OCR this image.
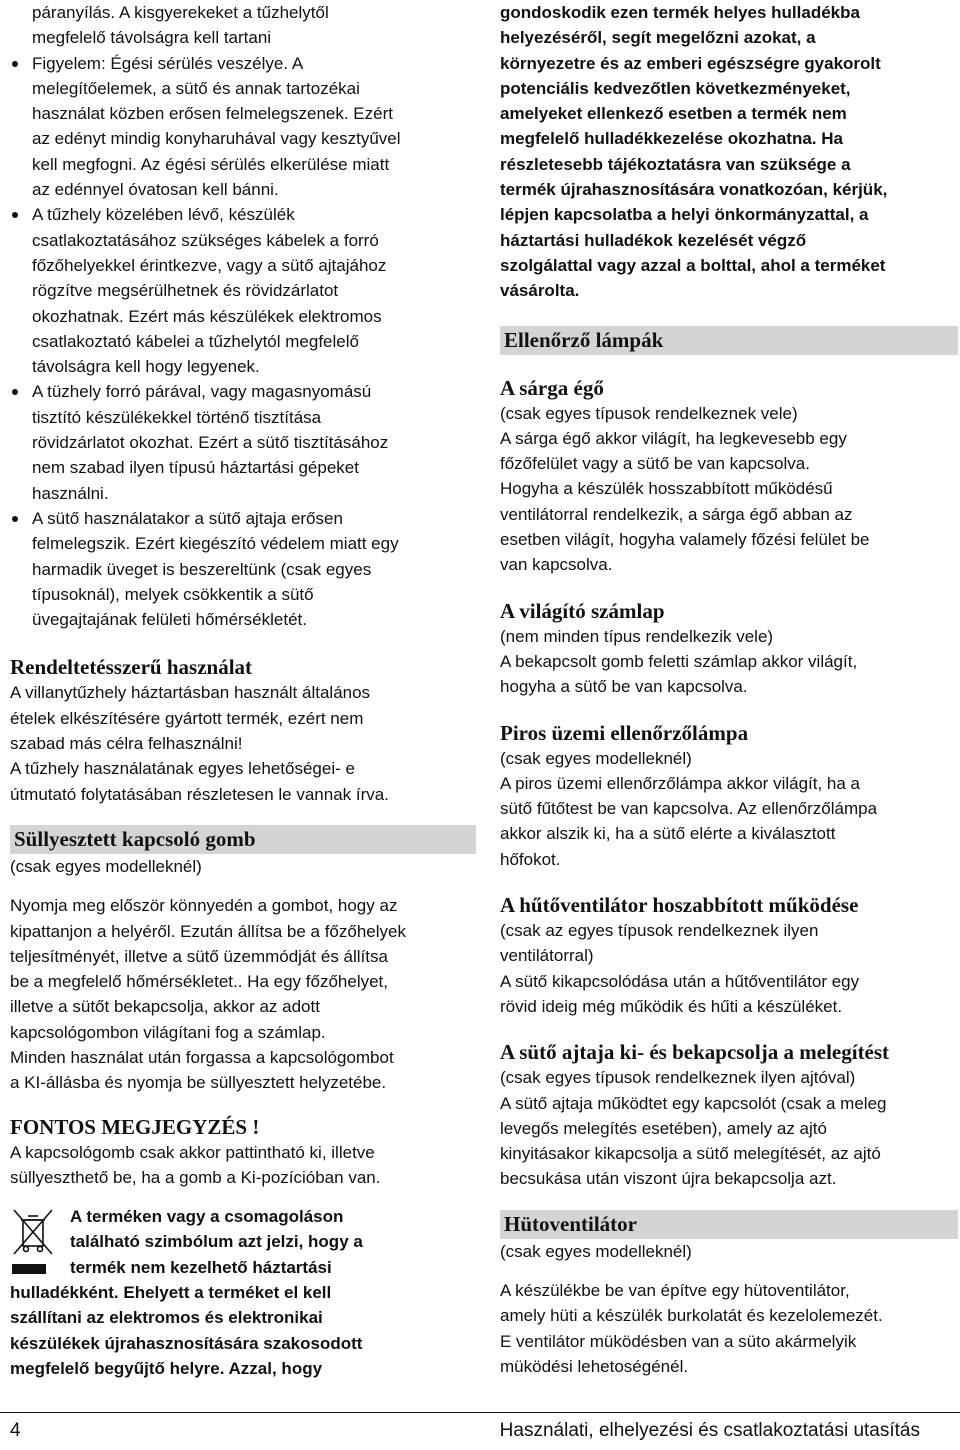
páranyílás. A kisgyerekeket a tűzhelytől

megfelelő távolságra kell tartani

Figyelem: Égési sérülés veszélye. A

melegítőelemek, a sütő és annak tartozékai

használat közben erősen felmelegszenek. Ezért

az edényt mindig konyharuhával vagy kesztyűvel

kell megfogni. Az égési sérülés elkerülése miatt

az edénnyel óvatosan kell bánni.

A tűzhely közelében lévő, készülék

csatlakoztatásához szükséges kábelek a forró

főzőhelyekkel érintkezve, vagy a sütő ajtajához

rögzítve megsérülhetnek és rövidzárlatot

okozhatnak. Ezért más készülékek elektromos

csatlakoztató kábelei a tűzhelytól megfelelő

távolságra kell hogy legyenek.

A tüzhely forró párával, vagy magasnyomású

tisztító készülékekkel történő tisztítása

rövidzárlatot okozhat. Ezért a sütő tisztításához

nem szabad ilyen típusú háztartási gépeket

használni.

A sütő használatakor a sütő ajtaja erősen

felmelegszik. Ezért kiegészító védelem miatt egy

harmadik üveget is beszereltünk (csak egyes

típusoknál), melyek csökkentik a sütő

üvegajtajának felületi hőmérsékletét.

Rendeltetésszerű használat

A villanytűzhely háztartásban használt általános

ételek elkészítésére gyártott termék, ezért nem

szabad más célra felhasználni!

A tűzhely használatának egyes lehetőségei- e

útmutató folytatásában részletesen le vannak írva.

Süllyesztett kapcsoló gomb

(csak egyes modelleknél)

Nyomja meg először könnyedén a gombot, hogy az

kipattanjon a helyéről. Ezután állítsa be a főzőhelyek

teljesítményét, illetve a sütő üzemmódját és állítsa

be a megfelelő hőmérsékletet.. Ha egy főzőhelyet,

illetve a sütőt bekapcsolja, akkor az adott

kapcsológombon világítani fog a számlap.

Minden használat után forgassa a kapcsológombot

a KI-állásba és nyomja be süllyesztett helyzetébe.

FONTOS MEGJEGYZÉS !

A kapcsológomb csak akkor pattintható ki, illetve

süllyeszthető be, ha a gomb a Ki-pozícióban van.

A terméken vagy a csomagoláson

található szimbólum azt jelzi, hogy a

termék nem kezelhető háztartási

hulladékként. Ehelyett a terméket el kell

szállítani az elektromos és elektronikai

készülékek újrahasznosítására szakosodott

megfelelő begyűjtő helyre. Azzal, hogy

gondoskodik ezen termék helyes hulladékba

helyezéséről, segít megelőzni azokat, a

környezetre és az emberi egészségre gyakorolt

potenciális kedvezőtlen következményeket,

amelyeket ellenkező esetben a termék nem

megfelelő hulladékkezelése okozhatna. Ha

részletesebb tájékoztatásra van szüksége a

termék újrahasznosítására vonatkozóan, kérjük,

lépjen kapcsolatba a helyi önkormányzattal, a

háztartási hulladékok kezelését végző

szolgálattal vagy azzal a bolttal, ahol a terméket

vásárolta.

Ellenőrző lámpák
A sárga égő

(csak egyes típusok rendelkeznek vele)

A sárga égő akkor világít, ha legkevesebb egy

főzőfelület vagy a sütő be van kapcsolva.

Hogyha a készülék hosszabbított működésű

ventilátorral rendelkezik, a sárga égő abban az

esetben világít, hogyha valamely főzési felület be

van kapcsolva.

A világító számlap

(nem minden típus rendelkezik vele)

A bekapcsolt gomb feletti számlap akkor világít,

hogyha a sütő be van kapcsolva.

Piros üzemi ellenőrzőlámpa

(csak egyes modelleknél)

A piros üzemi ellenőrzőlámpa akkor világít, ha a

sütő fűtőtest be van kapcsolva. Az ellenőrzőlámpa

akkor alszik ki, ha a sütő elérte a kiválasztott

hőfokot.

A hűtőventilátor hoszabbított működése

(csak az egyes típusok rendelkeznek ilyen

ventilátorral)

A sütő kikapcsolódása után a hűtőventilátor egy

rövid ideig még működik és hűti a készüléket.

A sütő ajtaja ki- és bekapcsolja a melegítést

(csak egyes típusok rendelkeznek ilyen ajtóval)

A sütő ajtaja működtet egy kapcsolót (csak a meleg

levegős melegítés esetében), amely az ajtó

kinyitásakor kikapcsolja a sütő melegítését, az ajtó

becsukása után viszont újra bekapcsolja azt.

Hütoventilátor

(csak egyes modelleknél)

A készülékbe be van építve egy hütoventilátor,

amely hüti a készülék burkolatát és kezelolemezét.

E ventilátor müködésben van a süto akármelyik

müködési lehetoségénél.

4	Használati, elhelyezési és csatlakoztatási utasítás
